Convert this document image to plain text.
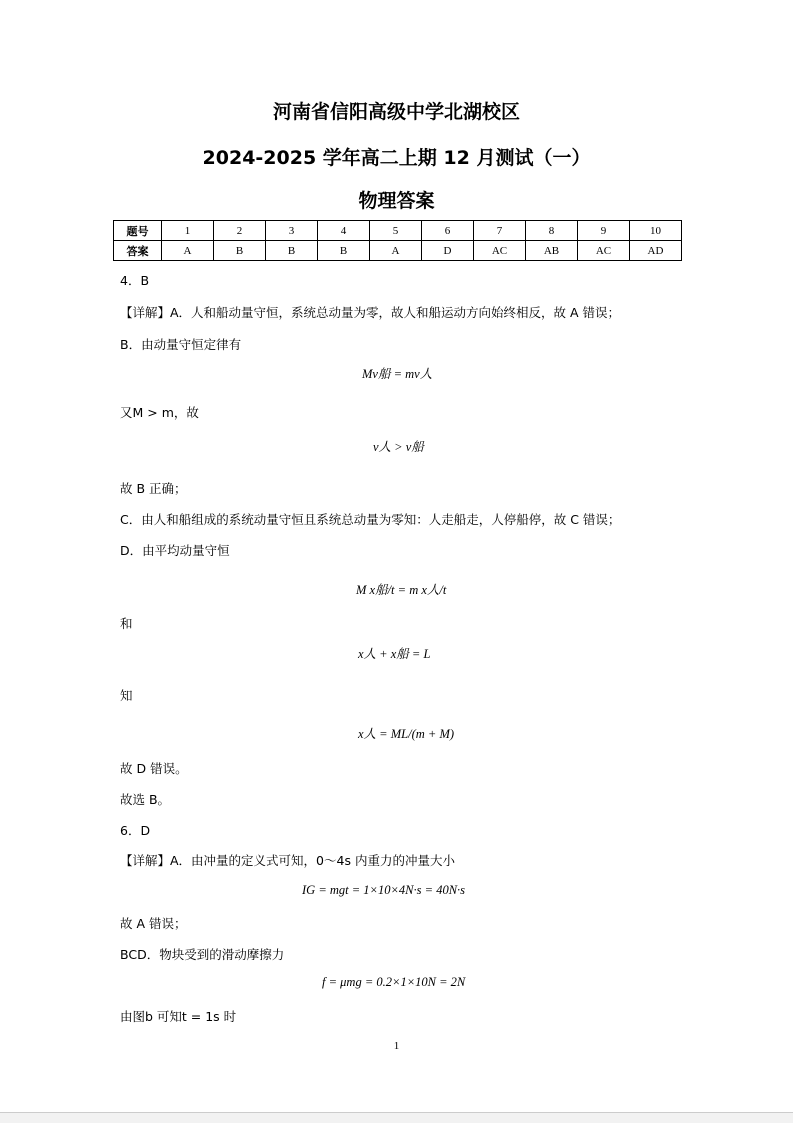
河南省信阳高级中学北湖校区
2024-2025 学年高二上期 12 月测试（一）
物理答案
题号	1	2	3	4	5	6	7	8	9	10
答案	A	B	B	B	A	D	AC	AB	AC	AD
4．B
【详解】A．人和船动量守恒，系统总动量为零，故人和船运动方向始终相反，故 A 错误；
B．由动量守恒定律有
Mv船 = mv人
又M > m，故
v人 > v船
故 B 正确；
C．由人和船组成的系统动量守恒且系统总动量为零知：人走船走，人停船停，故 C 错误；
D．由平均动量守恒
M x船/t = m x人/t
和
x人 + x船 = L
知
x人 = ML/(m + M)
故 D 错误。
故选 B。
6．D
【详解】A．由冲量的定义式可知，0～4s 内重力的冲量大小
IG = mgt = 1×10×4N·s = 40N·s
故 A 错误；
BCD．物块受到的滑动摩擦力
f = μmg = 0.2×1×10N = 2N
由图b 可知t = 1s 时
1
